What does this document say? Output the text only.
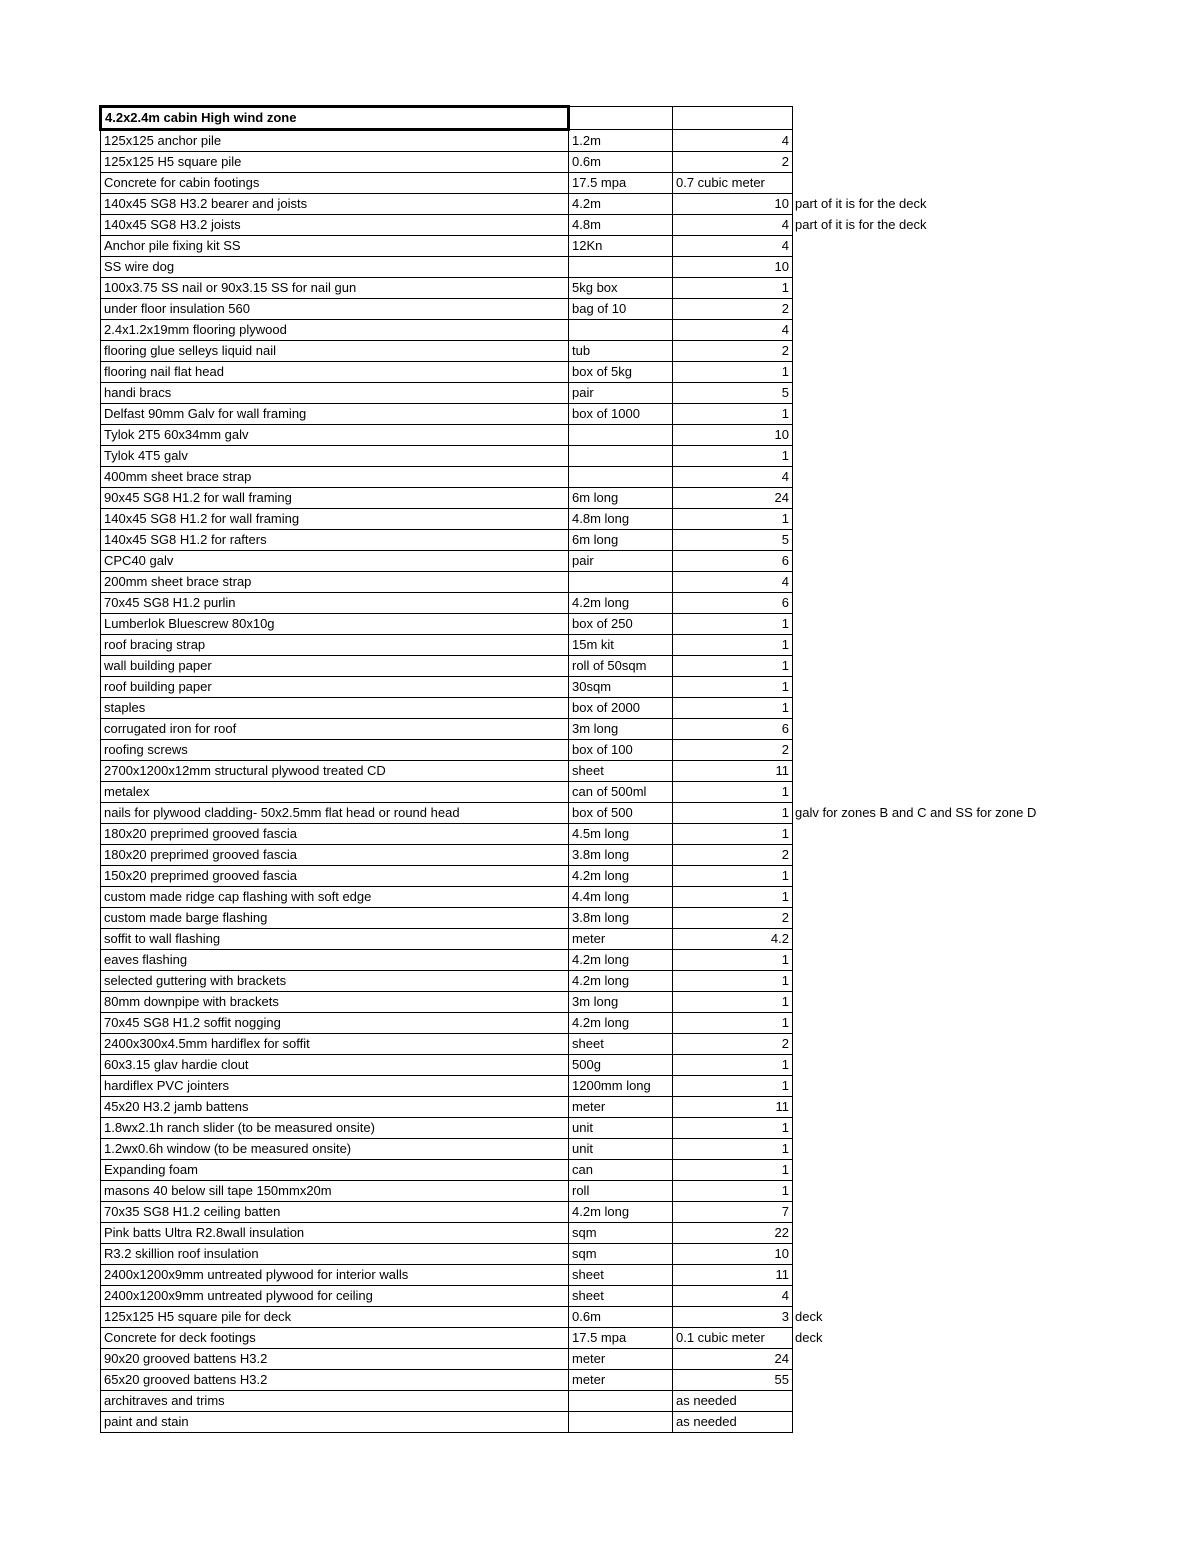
4.2x2.4m cabin High wind zone			
125x125 anchor pile	1.2m	4	
125x125 H5 square pile	0.6m	2	
Concrete for cabin footings	17.5 mpa	0.7 cubic meter	
140x45 SG8 H3.2 bearer and joists	4.2m	10	part of it is for the deck
140x45 SG8 H3.2 joists	4.8m	4	part of it is for the deck
Anchor pile fixing kit SS	12Kn	4	
SS wire dog		10	
100x3.75 SS nail or 90x3.15 SS for nail gun	5kg box	1	
under floor insulation 560	bag of 10	2	
2.4x1.2x19mm flooring plywood		4	
flooring glue selleys liquid nail	tub	2	
flooring nail flat head	box of 5kg	1	
handi bracs	pair	5	
Delfast 90mm Galv for wall framing	box of 1000	1	
Tylok 2T5 60x34mm galv		10	
Tylok 4T5 galv		1	
400mm sheet brace strap		4	
90x45 SG8 H1.2 for wall framing	6m long	24	
140x45 SG8 H1.2 for wall framing	4.8m long	1	
140x45 SG8 H1.2 for rafters	6m long	5	
CPC40 galv	pair	6	
200mm sheet brace strap		4	
70x45 SG8 H1.2 purlin	4.2m long	6	
Lumberlok Bluescrew 80x10g	box of 250	1	
roof bracing strap	15m kit	1	
wall building paper	roll of 50sqm	1	
roof building paper	30sqm	1	
staples	box of 2000	1	
corrugated iron for roof	3m long	6	
roofing screws	box of 100	2	
2700x1200x12mm structural plywood treated CD	sheet	11	
metalex	can of 500ml	1	
nails for plywood cladding- 50x2.5mm flat head or round head	box of 500	1	galv for zones B and C and SS for zone D
180x20 preprimed grooved fascia	4.5m long	1	
180x20 preprimed grooved fascia	3.8m long	2	
150x20 preprimed grooved fascia	4.2m long	1	
custom made ridge cap flashing with soft edge	4.4m long	1	
custom made barge flashing	3.8m long	2	
soffit to wall flashing	meter	4.2	
eaves flashing	4.2m long	1	
selected guttering with brackets	4.2m long	1	
80mm downpipe with brackets	3m long	1	
70x45 SG8 H1.2 soffit nogging	4.2m long	1	
2400x300x4.5mm hardiflex for soffit	sheet	2	
60x3.15 glav hardie clout	500g	1	
hardiflex PVC jointers	1200mm long	1	
45x20 H3.2 jamb battens	meter	11	
1.8wx2.1h ranch slider (to be measured onsite)	unit	1	
1.2wx0.6h window (to be measured onsite)	unit	1	
Expanding foam	can	1	
masons 40 below sill tape 150mmx20m	roll	1	
70x35 SG8 H1.2 ceiling batten	4.2m long	7	
Pink batts Ultra R2.8wall insulation	sqm	22	
R3.2 skillion roof insulation	sqm	10	
2400x1200x9mm untreated plywood for interior walls	sheet	11	
2400x1200x9mm untreated plywood for ceiling	sheet	4	
125x125 H5 square pile for deck	0.6m	3	deck
Concrete for deck footings	17.5 mpa	0.1 cubic meter	deck
90x20 grooved battens H3.2	meter	24	
65x20 grooved battens H3.2	meter	55	
architraves and trims		as needed	
paint and stain		as needed	
